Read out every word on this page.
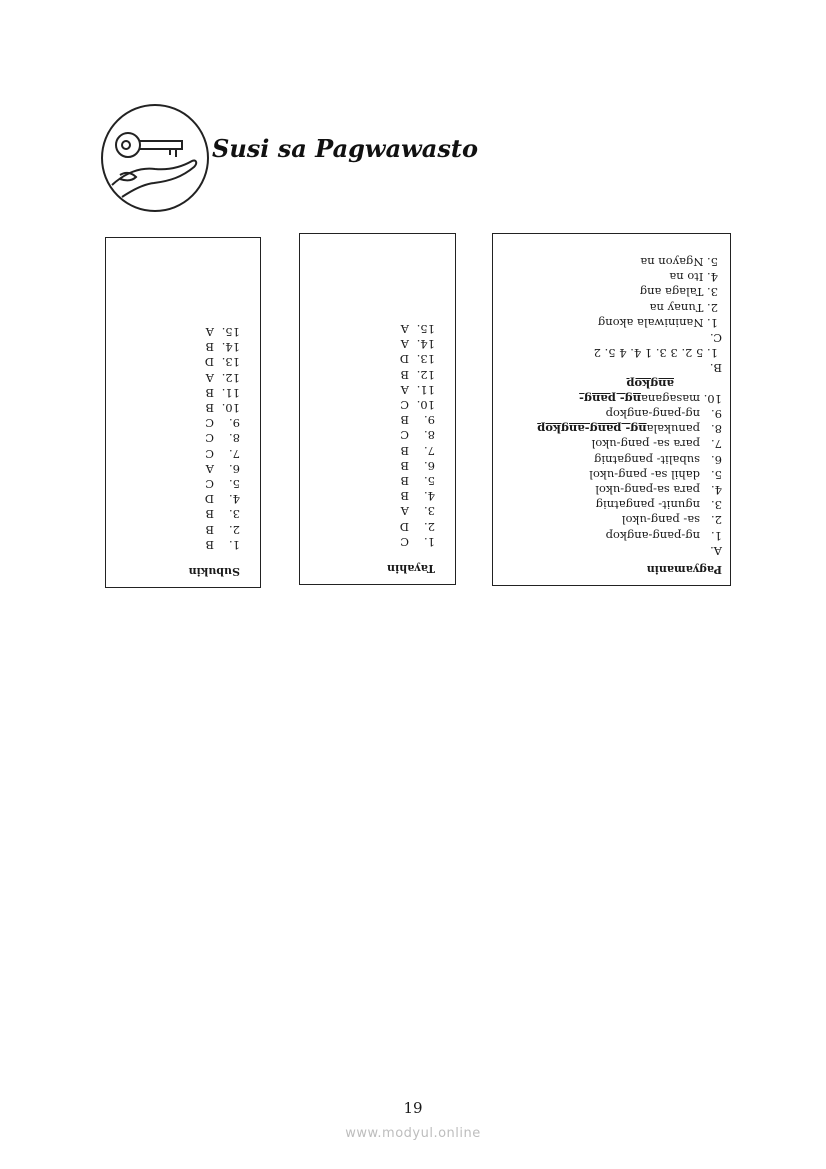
Susi sa Pagwawasto
Subukin
1.
B
2.
B
3.
B
4.
D
5.
C
6.
A
7.
C
8.
C
9.
C
10.
B
11.
B
12.
A
13.
D
14.
B
15.
A
Tayahin
1.
C
2.
D
3.
A
4.
B
5.
B
6.
B
7.
B
8.
C
9.
B
10.
C
11.
A
12.
B
13.
D
14.
A
15.
A
Pagyamanin
A.
1.
ng-pang-angkop
2.
sa- pang-ukol
3.
ngunit- pangatnig
4.
para sa-pang-ukol
5.
dahil sa- pang-ukol
6.
subalit- pangatnig
7.
para sa- pang-ukol
8.
panukalang- pang-angkop
9.
ng-pang-angkop
10.
masaganang- pang-
angkop
B.
1. 5 2. 3 3. 1 4. 4 5. 2
C.
1. Naniniwala akong
2. Tunay na
3. Talaga ang
4. Ito na
5. Ngayon na
19
www.modyul.online
